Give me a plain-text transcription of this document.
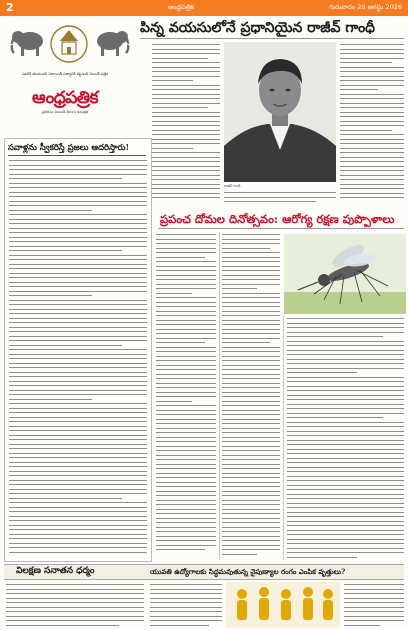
2	ఆంధ్రపత్రిక	గురువారం 20 ఆగస్టు 2026
ఎవరికీ తలవంచని నిజాయితీ సత్యానికి కట్టుబడి నిలబడే పత్రిక
ఆంధ్రపత్రిక
ప్రతిదినం వెలువడే తెలుగు దినపత్రిక
పిన్న వయసులోనే ప్రధానియైన రాజీవ్ గాంధీ
రాజీవ్ గాంధీ
సవాళ్లను స్వీకరిస్తే ప్రజలు ఆదరిస్తారు!
ప్రపంచ దోమల దినోత్సవం: ఆరోగ్య రక్షణ పుప్పొళాలు
విలక్షణ సనాతన ధర్మం	యువతి ఉద్యోగాలకు సిద్ధమవుతున్న నైపుణ్యాల రంగం ఎంపిక వృత్తులు?
